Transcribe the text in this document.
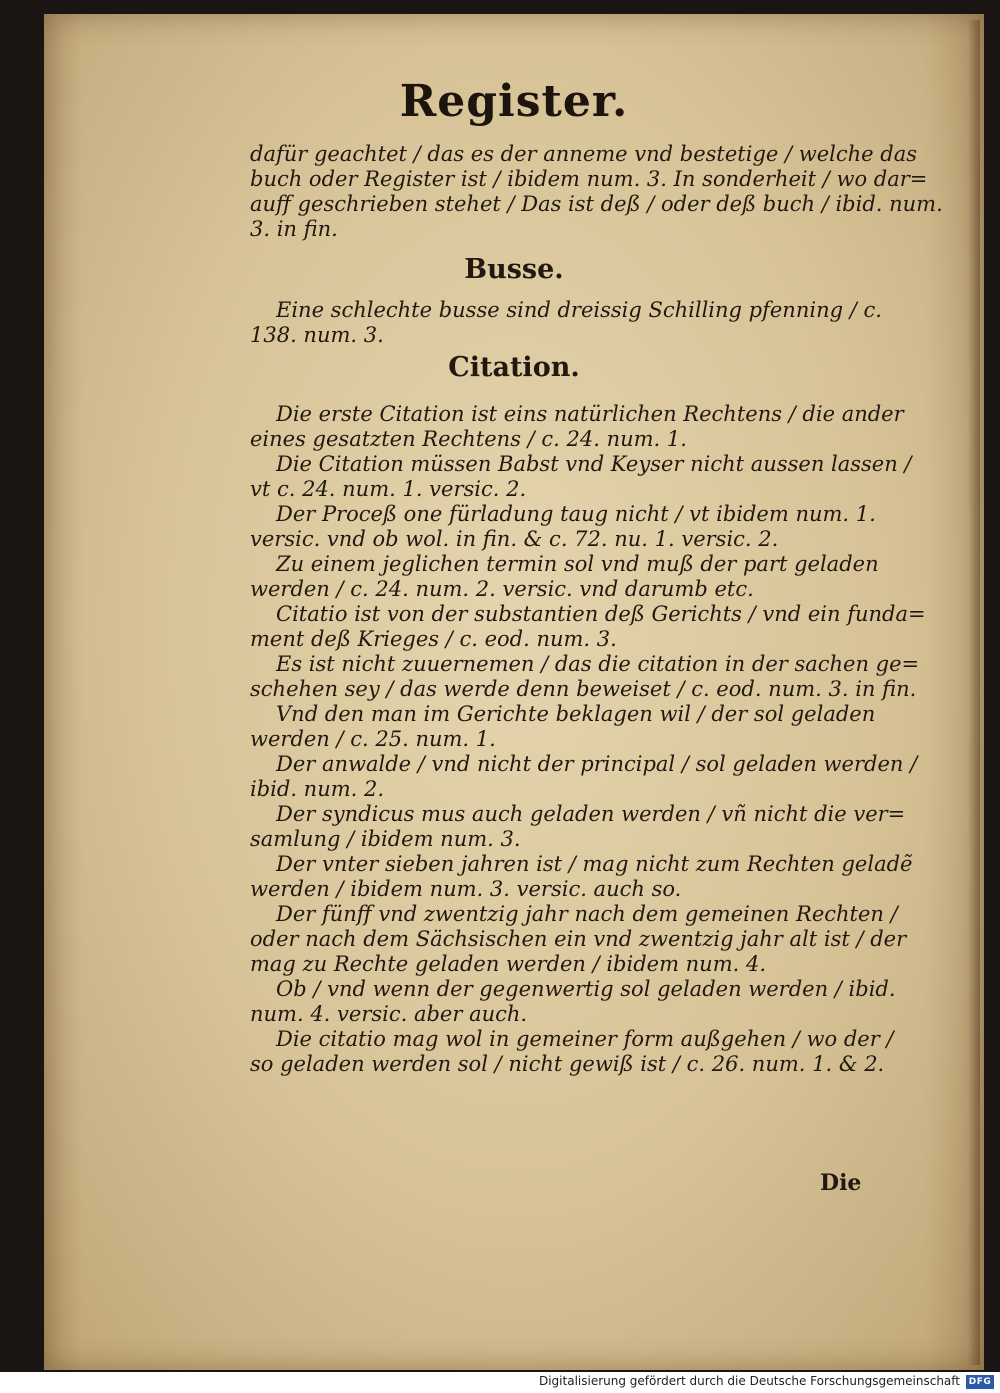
Register.
dafür geachtet / das es der anneme vnd bestetige / welche das
buch oder Register ist / ibidem num. 3. In sonderheit / wo dar=
auff geschrieben stehet / Das ist deß / oder deß buch / ibid. num.
3. in fin.
Busse.
Eine schlechte busse sind dreissig Schilling pfenning / c.
138. num. 3.
Citation.
Die erste Citation ist eins natürlichen Rechtens / die ander
eines gesatzten Rechtens / c. 24. num. 1.
Die Citation müssen Babst vnd Keyser nicht aussen lassen /
vt c. 24. num. 1. versic. 2.
Der Proceß one fürladung taug nicht / vt ibidem num. 1.
versic. vnd ob wol. in fin. & c. 72. nu. 1. versic. 2.
Zu einem jeglichen termin sol vnd muß der part geladen
werden / c. 24. num. 2. versic. vnd darumb etc.
Citatio ist von der substantien deß Gerichts / vnd ein funda=
ment deß Krieges / c. eod. num. 3.
Es ist nicht zuuernemen / das die citation in der sachen ge=
schehen sey / das werde denn beweiset / c. eod. num. 3. in fin.
Vnd den man im Gerichte beklagen wil / der sol geladen
werden / c. 25. num. 1.
Der anwalde / vnd nicht der principal / sol geladen werden /
ibid. num. 2.
Der syndicus mus auch geladen werden / vñ nicht die ver=
samlung / ibidem num. 3.
Der vnter sieben jahren ist / mag nicht zum Rechten geladẽ
werden / ibidem num. 3. versic. auch so.
Der fünff vnd zwentzig jahr nach dem gemeinen Rechten /
oder nach dem Sächsischen ein vnd zwentzig jahr alt ist / der
mag zu Rechte geladen werden / ibidem num. 4.
Ob / vnd wenn der gegenwertig sol geladen werden / ibid.
num. 4. versic. aber auch.
Die citatio mag wol in gemeiner form außgehen / wo der /
so geladen werden sol / nicht gewiß ist / c. 26. num. 1. & 2.
Die
Digitalisierung gefördert durch die Deutsche Forschungsgemeinschaft DFG
